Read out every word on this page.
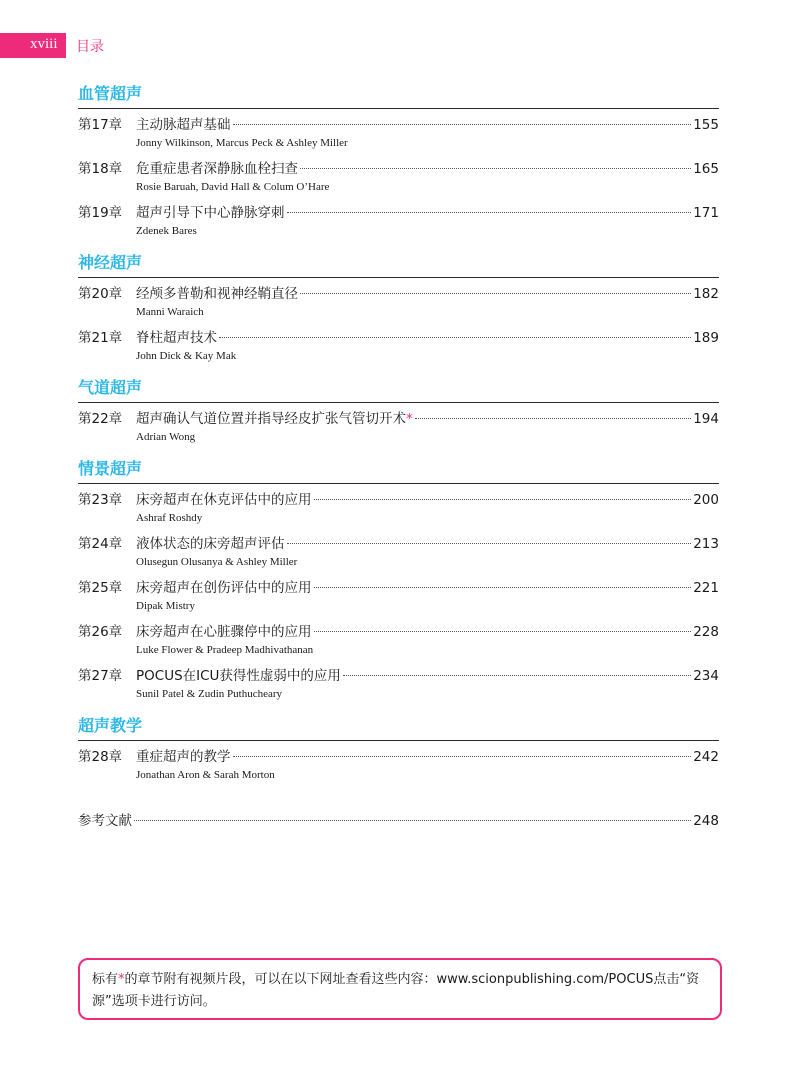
xviii 目录
血管超声
第17章	主动脉超声基础	155
Jonny Wilkinson, Marcus Peck & Ashley Miller
第18章	危重症患者深静脉血栓扫查	165
Rosie Baruah, David Hall & Colum O’Hare
第19章	超声引导下中心静脉穿刺	171
Zdenek Bares
神经超声
第20章	经颅多普勒和视神经鞘直径	182
Manni Waraich
第21章	脊柱超声技术	189
John Dick & Kay Mak
气道超声
第22章	超声确认气道位置并指导经皮扩张气管切开术*	194
Adrian Wong
情景超声
第23章	床旁超声在休克评估中的应用	200
Ashraf Roshdy
第24章	液体状态的床旁超声评估	213
Olusegun Olusanya & Ashley Miller
第25章	床旁超声在创伤评估中的应用	221
Dipak Mistry
第26章	床旁超声在心脏骤停中的应用	228
Luke Flower & Pradeep Madhivathanan
第27章	POCUS在ICU获得性虚弱中的应用	234
Sunil Patel & Zudin Puthucheary
超声教学
第28章	重症超声的教学	242
Jonathan Aron & Sarah Morton
参考文献	248
标有*的章节附有视频片段，可以在以下网址查看这些内容：www.scionpublishing.com/POCUS点击“资源”选项卡进行访问。
